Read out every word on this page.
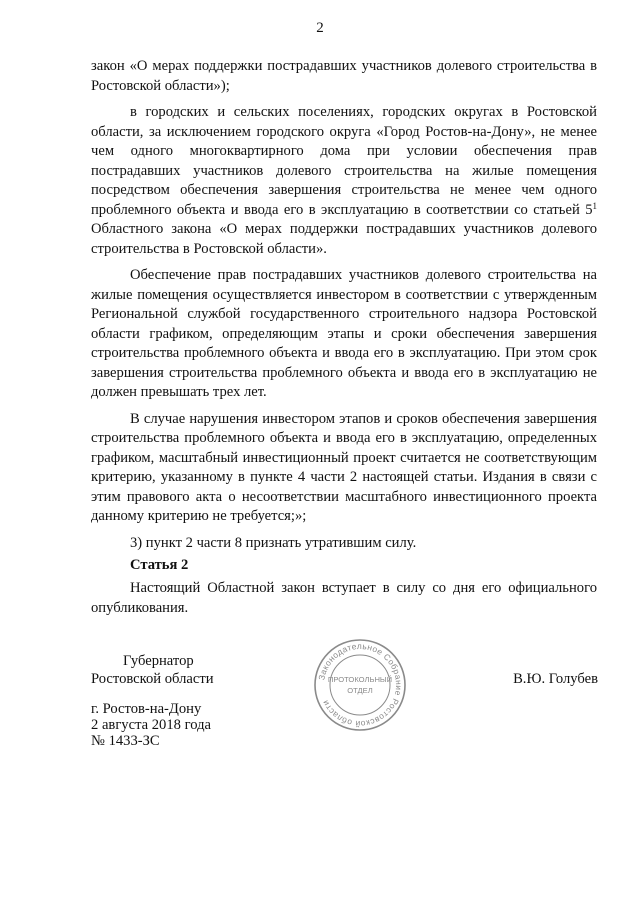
2

закон «О мерах поддержки пострадавших участников долевого строительства в Ростовской области»);

в городских и сельских поселениях, городских округах в Ростовской области, за исключением городского округа «Город Ростов-на-Дону», не менее чем одного многоквартирного дома при условии обеспечения прав пострадавших участников долевого строительства на жилые помещения посредством обеспечения завершения строительства не менее чем одного проблемного объекта и ввода его в эксплуатацию в соответствии со статьей $5^1$ Областного закона «О мерах поддержки пострадавших участников долевого строительства в Ростовской области».

Обеспечение прав пострадавших участников долевого строительства на жилые помещения осуществляется инвестором в соответствии с утвержденным Региональной службой государственного строительного надзора Ростовской области графиком, определяющим этапы и сроки обеспечения завершения строительства проблемного объекта и ввода его в эксплуатацию. При этом срок завершения строительства проблемного объекта и ввода его в эксплуатацию не должен превышать трех лет.

В случае нарушения инвестором этапов и сроков обеспечения завершения строительства проблемного объекта и ввода его в эксплуатацию, определенных графиком, масштабный инвестиционный проект считается не соответствующим критерию, указанному в пункте 4 части 2 настоящей статьи. Издания в связи с этим правового акта о несоответствии масштабного инвестиционного проекта данному критерию не требуется;»;

3) пункт 2 части 8 признать утратившим силу.

Статья 2

Настоящий Областной закон вступает в силу со дня его официального опубликования.

Губернатор
Ростовской области	В.Ю. Голубев
Законодательное Собрание Ростовской области
ПРОТОКОЛЬНЫЙ
ОТДЕЛ
г. Ростов-на-Дону
2 августа 2018 года
№ 1433-ЗС
